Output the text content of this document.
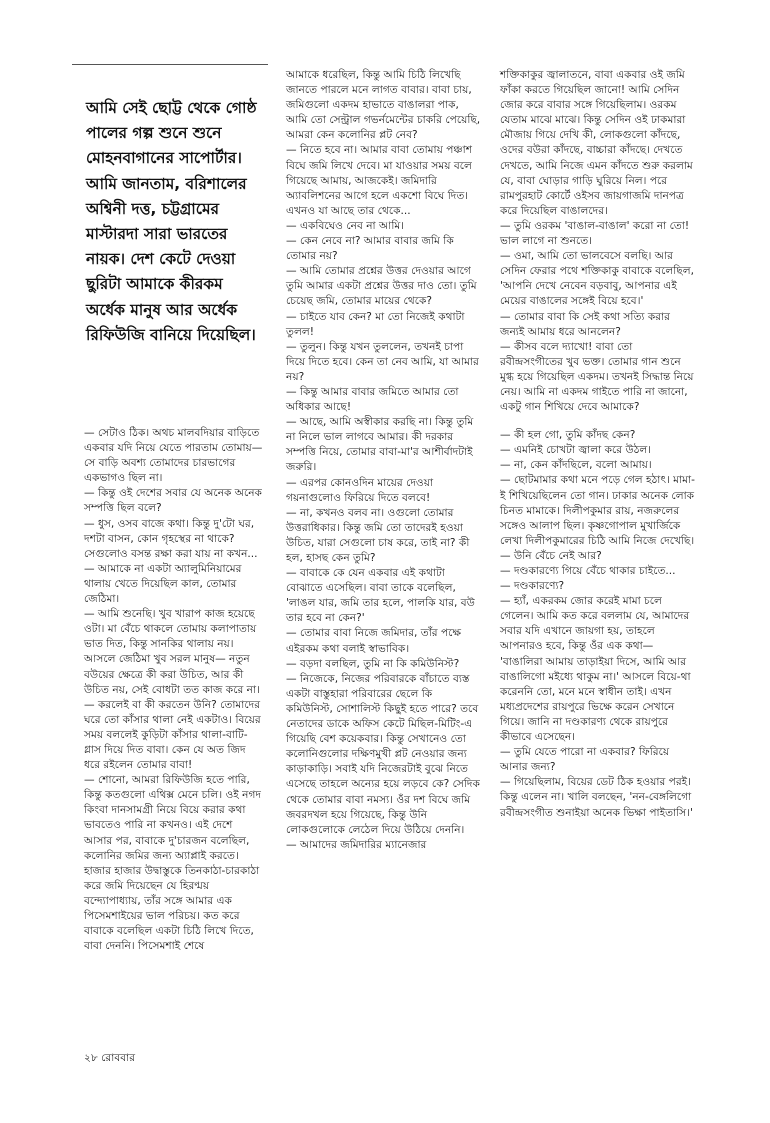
আমি সেই ছোট্ট থেকে গোষ্ঠ পালের গল্প শুনে শুনে মোহনবাগানের সাপোর্টার। আমি জানতাম, বরিশালের অশ্বিনী দত্ত, চট্টগ্রামের মাস্টারদা সারা ভারতের নায়ক। দেশ কেটে দেওয়া ছুরিটা আমাকে কীরকম অর্ধেক মানুষ আর অর্ধেক রিফিউজি বানিয়ে দিয়েছিল।

— সেটাও ঠিক। অথচ মালবদিয়ার বাড়িতে একবার যদি নিয়ে যেতে পারতাম তোমায়— সে বাড়ি অবশ্য তোমাদের চারভাগের একভাগও ছিল না।

— কিন্তু ওই দেশের সবার যে অনেক অনেক সম্পত্তি ছিল বলে?

— ধুস, ওসব বাজে কথা। কিন্তু দু'টো ঘর, দশটা বাসন, কোন গৃহস্থের না থাকে? সেগুলোও বসন্ত রক্ষা করা যায় না কখন...

— আমাকে না একটা অ্যালুমিনিয়ামের থালায় খেতে দিয়েছিল কাল, তোমার জেঠিমা।

— আমি শুনেছি। খুব খারাপ কাজ হয়েছে ওটা। মা বেঁচে থাকলে তোমায় কলাপাতায় ভাত দিত, কিন্তু সানকির থালায় নয়। আসলে জেঠিমা খুব সরল মানুষ— নতুন বউয়ের ক্ষেত্রে কী করা উচিত, আর কী উচিত নয়, সেই বোধটা তত কাজ করে না।

— করলেই বা কী করতেন উনি? তোমাদের ঘরে তো কাঁসার থালা নেই একটাও। বিয়ের সময় বললেই কুড়িটা কাঁসার থালা-বাটি-গ্লাস দিয়ে দিত বাবা। কেন যে অত জিদ ধরে রইলেন তোমার বাবা!

— শোনো, আমরা রিফিউজি হতে পারি, কিন্তু কতগুলো এথিক্স মেনে চলি। ওই নগদ কিংবা দানসামগ্রী নিয়ে বিয়ে করার কথা ভাবতেও পারি না কখনও। এই দেশে আসার পর, বাবাকে দু'চারজন বলেছিল, কলোনির জমির জন্য অ্যাপ্লাই করতে। হাজার হাজার উদ্বাস্তুকে তিনকাঠা-চারকাঠা করে জমি দিয়েছেন যে হিরণ্ময় বন্দ্যোপাধ্যায়, তাঁর সঙ্গে আমার এক পিসেমশাইয়ের ভাল পরিচয়। কত করে বাবাকে বলেছিল একটা চিঠি লিখে দিতে, বাবা দেননি। পিসেমশাই শেষে

আমাকে ধরেছিল, কিন্তু আমি চিঠি লিখেছি জানতে পারলে মনে লাগত বাবার। বাবা চায়, জমিগুলো একদম হাভাতে বাঙালরা পাক, আমি তো সেন্ট্রাল গভর্নমেন্টের চাকরি পেয়েছি, আমরা কেন কলোনির প্লট নেব?

— নিতে হবে না। আমার বাবা তোমায় পঞ্চাশ বিঘে জমি লিখে দেবে। মা যাওয়ার সময় বলে গিয়েছে আমায়, আজকেই। জমিদারি অ্যাবলিশনের আগে হলে একশো বিঘে দিত। এখনও যা আছে তার থেকে...

— একবিঘেও নেব না আমি।

— কেন নেবে না? আমার বাবার জমি কি তোমার নয়?

— আমি তোমার প্রশ্নের উত্তর দেওয়ার আগে তুমি আমার একটা প্রশ্নের উত্তর দাও তো। তুমি চেয়েছ জমি, তোমার মায়ের থেকে?

— চাইতে যাব কেন? মা তো নিজেই কথাটা তুলল!

— তুলুন। কিন্তু যখন তুললেন, তখনই চাপা দিয়ে দিতে হবে। কেন তা নেব আমি, যা আমার নয়?

— কিন্তু আমার বাবার জমিতে আমার তো অধিকার আছে!

— আছে, আমি অস্বীকার করছি না। কিন্তু তুমি না নিলে ভাল লাগবে আমার। কী দরকার সম্পত্তি নিয়ে, তোমার বাবা-মা'র আশীর্বাদটাই জরুরি।

— এরপর কোনওদিন মায়ের দেওয়া গয়নাগুলোও ফিরিয়ে দিতে বলবে!

— না, কখনও বলব না। ওগুলো তোমার উত্তরাধিকার। কিন্তু জমি তো তাদেরই হওয়া উচিত, যারা সেগুলো চাষ করে, তাই না? কী হল, হাসছ কেন তুমি?

— বাবাকে কে যেন একবার এই কথাটা বোঝাতে এসেছিল। বাবা তাকে বলেছিল, 'লাঙল যার, জমি তার হলে, পালকি যার, বউ তার হবে না কেন?'

— তোমার বাবা নিজে জমিদার, তাঁর পক্ষে এইরকম কথা বলাই স্বাভাবিক।

— বড়দা বলছিল, তুমি না কি কমিউনিস্ট?

— নিজেকে, নিজের পরিবারকে বাঁচাতে ব্যস্ত একটা বাস্তুহারা পরিবারের ছেলে কি কমিউনিস্ট, সোশালিস্ট কিছুই হতে পারে? তবে নেতাদের ডাকে অফিস কেটে মিছিল-মিটিং-এ গিয়েছি বেশ কয়েকবার। কিন্তু সেখানেও তো কলোনিগুলোর দক্ষিণমুখী প্লট নেওয়ার জন্য কাড়াকাড়ি। সবাই যদি নিজেরটাই বুঝে নিতে এসেছে তাহলে অন্যের হয়ে লড়বে কে? সেদিক থেকে তোমার বাবা নমস্য। ওঁর দশ বিঘে জমি জবরদখল হয়ে গিয়েছে, কিন্তু উনি লোকগুলোকে লেঠেল দিয়ে উঠিয়ে দেননি।

— আমাদের জমিদারির ম্যানেজার

শক্তিকাকুর জ্বালাতনে, বাবা একবার ওই জমি ফাঁকা করতে গিয়েছিল জানো! আমি সেদিন জোর করে বাবার সঙ্গে গিয়েছিলাম। ওরকম যেতাম মাঝে মাঝে। কিন্তু সেদিন ওই ঢাকমারা মৌজায় গিয়ে দেখি কী, লোকগুলো কাঁদছে, ওদের বউরা কাঁদছে, বাচ্চারা কাঁদছে। দেখতে দেখতে, আমি নিজে এমন কাঁদতে শুরু করলাম যে, বাবা ঘোড়ার গাড়ি ঘুরিয়ে নিল। পরে রামপুরহাট কোর্টে ওইসব জায়গাজমি দানপত্র করে দিয়েছিল বাঙালদের।

— তুমি ওরকম 'বাঙাল-বাঙাল' করো না তো! ভাল লাগে না শুনতে।

— ওমা, আমি তো ভালবেসে বলছি। আর সেদিন ফেরার পথে শক্তিকাকু বাবাকে বলেছিল, 'আপনি দেখে নেবেন বড়বাবু, আপনার এই মেয়ের বাঙালের সঙ্গেই বিয়ে হবে।'

— তোমার বাবা কি সেই কথা সত্যি করার জন্যই আমায় ধরে আনলেন?

— কীসব বলে দ্যাখো! বাবা তো রবীন্দ্রসংগীতের খুব ভক্ত। তোমার গান শুনে মুগ্ধ হয়ে গিয়েছিল একদম। তখনই সিদ্ধান্ত নিয়ে নেয়। আমি না একদম গাইতে পারি না জানো, একটু গান শিখিয়ে দেবে আমাকে?

— কী হল গো, তুমি কাঁদছ কেন?

— এমনিই চোখটা জ্বালা করে উঠল।

— না, কেন কাঁদছিলে, বলো আমায়।

— ছোটমামার কথা মনে পড়ে গেল হঠাৎ। মামা-ই শিখিয়েছিলেন তো গান। ঢাকার অনেক লোক চিনত মামাকে। দিলীপকুমার রায়, নজরুলের সঙ্গেও আলাপ ছিল। কৃষ্ণগোপাল মুখার্জিকে লেখা দিলীপকুমারের চিঠি আমি নিজে দেখেছি।

— উনি বেঁচে নেই আর?

— দণ্ডকারণ্যে গিয়ে বেঁচে থাকার চাইতে...

— দণ্ডকারণ্যে?

— হ্যাঁ, একরকম জোর করেই মামা চলে গেলেন। আমি কত করে বললাম যে, আমাদের সবার যদি এখানে জায়গা হয়, তাহলে আপনারও হবে, কিন্তু ওঁর এক কথা— 'বাঙালিরা আমায় তাড়াইয়া দিসে, আমি আর বাঙালিগো মইধ্যে থাকুম না।' আসলে বিয়ে-থা করেননি তো, মনে মনে স্বাধীন তাই। এখন মধ্যপ্রদেশের রায়পুরে ভিক্ষে করেন সেখানে গিয়ে। জানি না দণ্ডকারণ্য থেকে রায়পুরে কীভাবে এসেছেন।

— তুমি যেতে পারো না একবার? ফিরিয়ে আনার জন্য?

— গিয়েছিলাম, বিয়ের ডেট ঠিক হওয়ার পরই। কিন্তু এলেন না। খালি বলছেন, 'নন-বেঙ্গলিগো রবীন্দ্রসংগীত শুনাইয়া অনেক ভিক্ষা পাইতাসি।'

২৮ রোববার
